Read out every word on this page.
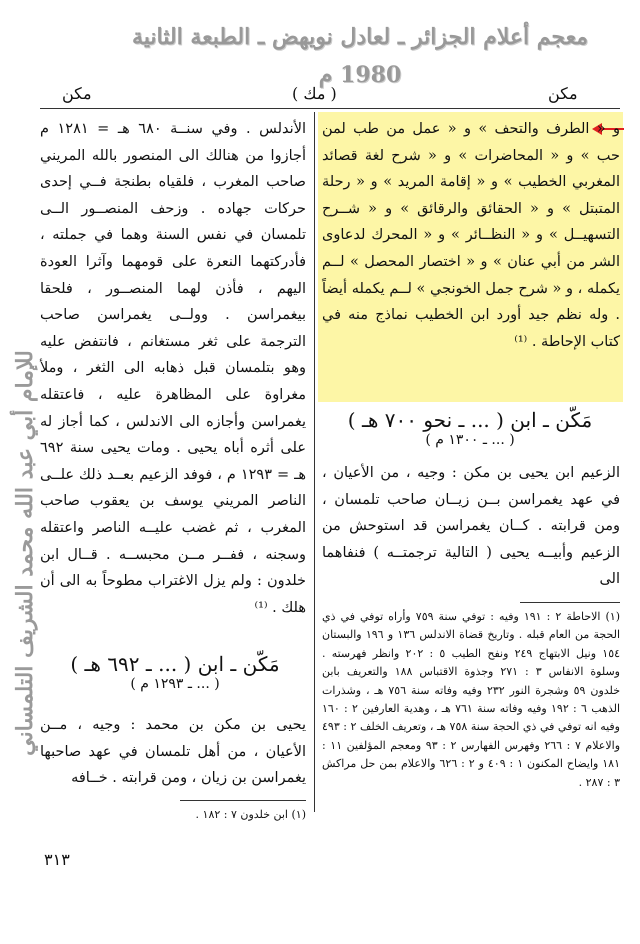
معجم أعلام الجزائر ـ لعادل نويهض ـ الطبعة الثانية 1980 م
مكن	( مك )	مكن
للإمام أبي عبد الله محمد الشريف التلمساني
و « الطرف والتحف » و « عمل من طب لمن حب » و « المحاضرات » و « شرح لغة قصائد المغربي الخطيب » و « إقامة المريد » و « رحلة المتبتل » و « الحقائق والرقائق » و « شــرح التسهيــل » و « النظــائر » و « المحرك لدعاوى الشر من أبي عنان » و « اختصار المحصل » لــم يكمله ، و « شرح جمل الخونجي » لــم يكمله أيضاً . وله نظم جيد أورد ابن الخطيب نماذج منه في كتاب الإحاطة . ⁽¹⁾
مَكّن ـ ابن ( ... ـ نحو ٧٠٠ هـ )
( ... ـ ١٣٠٠ م )
الزعيم ابن يحيى بن مكن : وجيه ، من الأعيان ، في عهد يغمراسن بــن زيــان صاحب تلمسان ، ومن قرابته . كــان يغمراسن قد استوحش من الزعيم وأبيــه يحيى ( التالية ترجمتــه ) فنفاهما الى
(١) الاحاطة ٢ : ١٩١ وفيه : توفي سنة ٧٥٩ وأراه توفي في ذي الحجة من العام قبله . وتاريخ قضاة الاندلس ١٣٦ و ١٩٦ والبستان ١٥٤ ونيل الابتهاج ٢٤٩ ونفح الطيب ٥ : ٢٠٢ وانظر فهرسته . وسلوة الانفاس ٣ : ٢٧١ وجذوة الاقتباس ١٨٨ والتعريف بابن خلدون ٥٩ وشجرة النور ٢٣٢ وفيه وفاته سنة ٧٥٦ هـ ، وشذرات الذهب ٦ : ١٩٢ وفيه وفاته سنة ٧٦١ هـ ، وهدية العارفين ٢ : ١٦٠ وفيه انه توفي في ذي الحجة سنة ٧٥٨ هـ ، وتعريف الخلف ٢ : ٤٩٣ والاعلام ٧ : ٢٦٦ وفهرس الفهارس ٢ : ٩٣ ومعجم المؤلفين ١١ : ١٨١ وايضاح المكنون ١ : ٤٠٩ و ٢ : ٦٢٦ والاعلام بمن حل مراكش ٣ : ٢٨٧ .
الأندلس . وفي سنــة ٦٨٠ هـ = ١٢٨١ م أجازوا من هنالك الى المنصور بالله المريني صاحب المغرب ، فلقياه بطنجة فــي إحدى حركات جهاده . وزحف المنصــور الــى تلمسان في نفس السنة وهما في جملته ، فأدركتهما النعرة على قومهما وآثرا العودة اليهم ، فأذن لهما المنصــور ، فلحقا بيغمراسن . وولــى يغمراسن صاحب الترجمة على ثغر مستغانم ، فانتفض عليه وهو بتلمسان قبل ذهابه الى الثغر ، وملأ مغراوة على المظاهرة عليه ، فاعتقله يغمراسن وأجازه الى الاندلس ، كما أجاز له على أثره أباه يحيى . ومات يحيى سنة ٦٩٢ هـ = ١٢٩٣ م ، فوفد الزعيم بعــد ذلك علــى الناصر المريني يوسف بن يعقوب صاحب المغرب ، ثم غضب عليــه الناصر واعتقله وسجنه ، ففــر مــن محبســه . قــال ابن خلدون : ولم يزل الاغتراب مطوحاً به الى أن هلك . ⁽¹⁾
مَكّن ـ ابن ( ... ـ ٦٩٢ هـ )
( ... ـ ١٢٩٣ م )
يحيى بن مكن بن محمد : وجيه ، مــن الأعيان ، من أهل تلمسان في عهد صاحبها يغمراسن بن زيان ، ومن قرابته . خــافه
(١) ابن خلدون ٧ : ١٨٢ .
٣١٣
